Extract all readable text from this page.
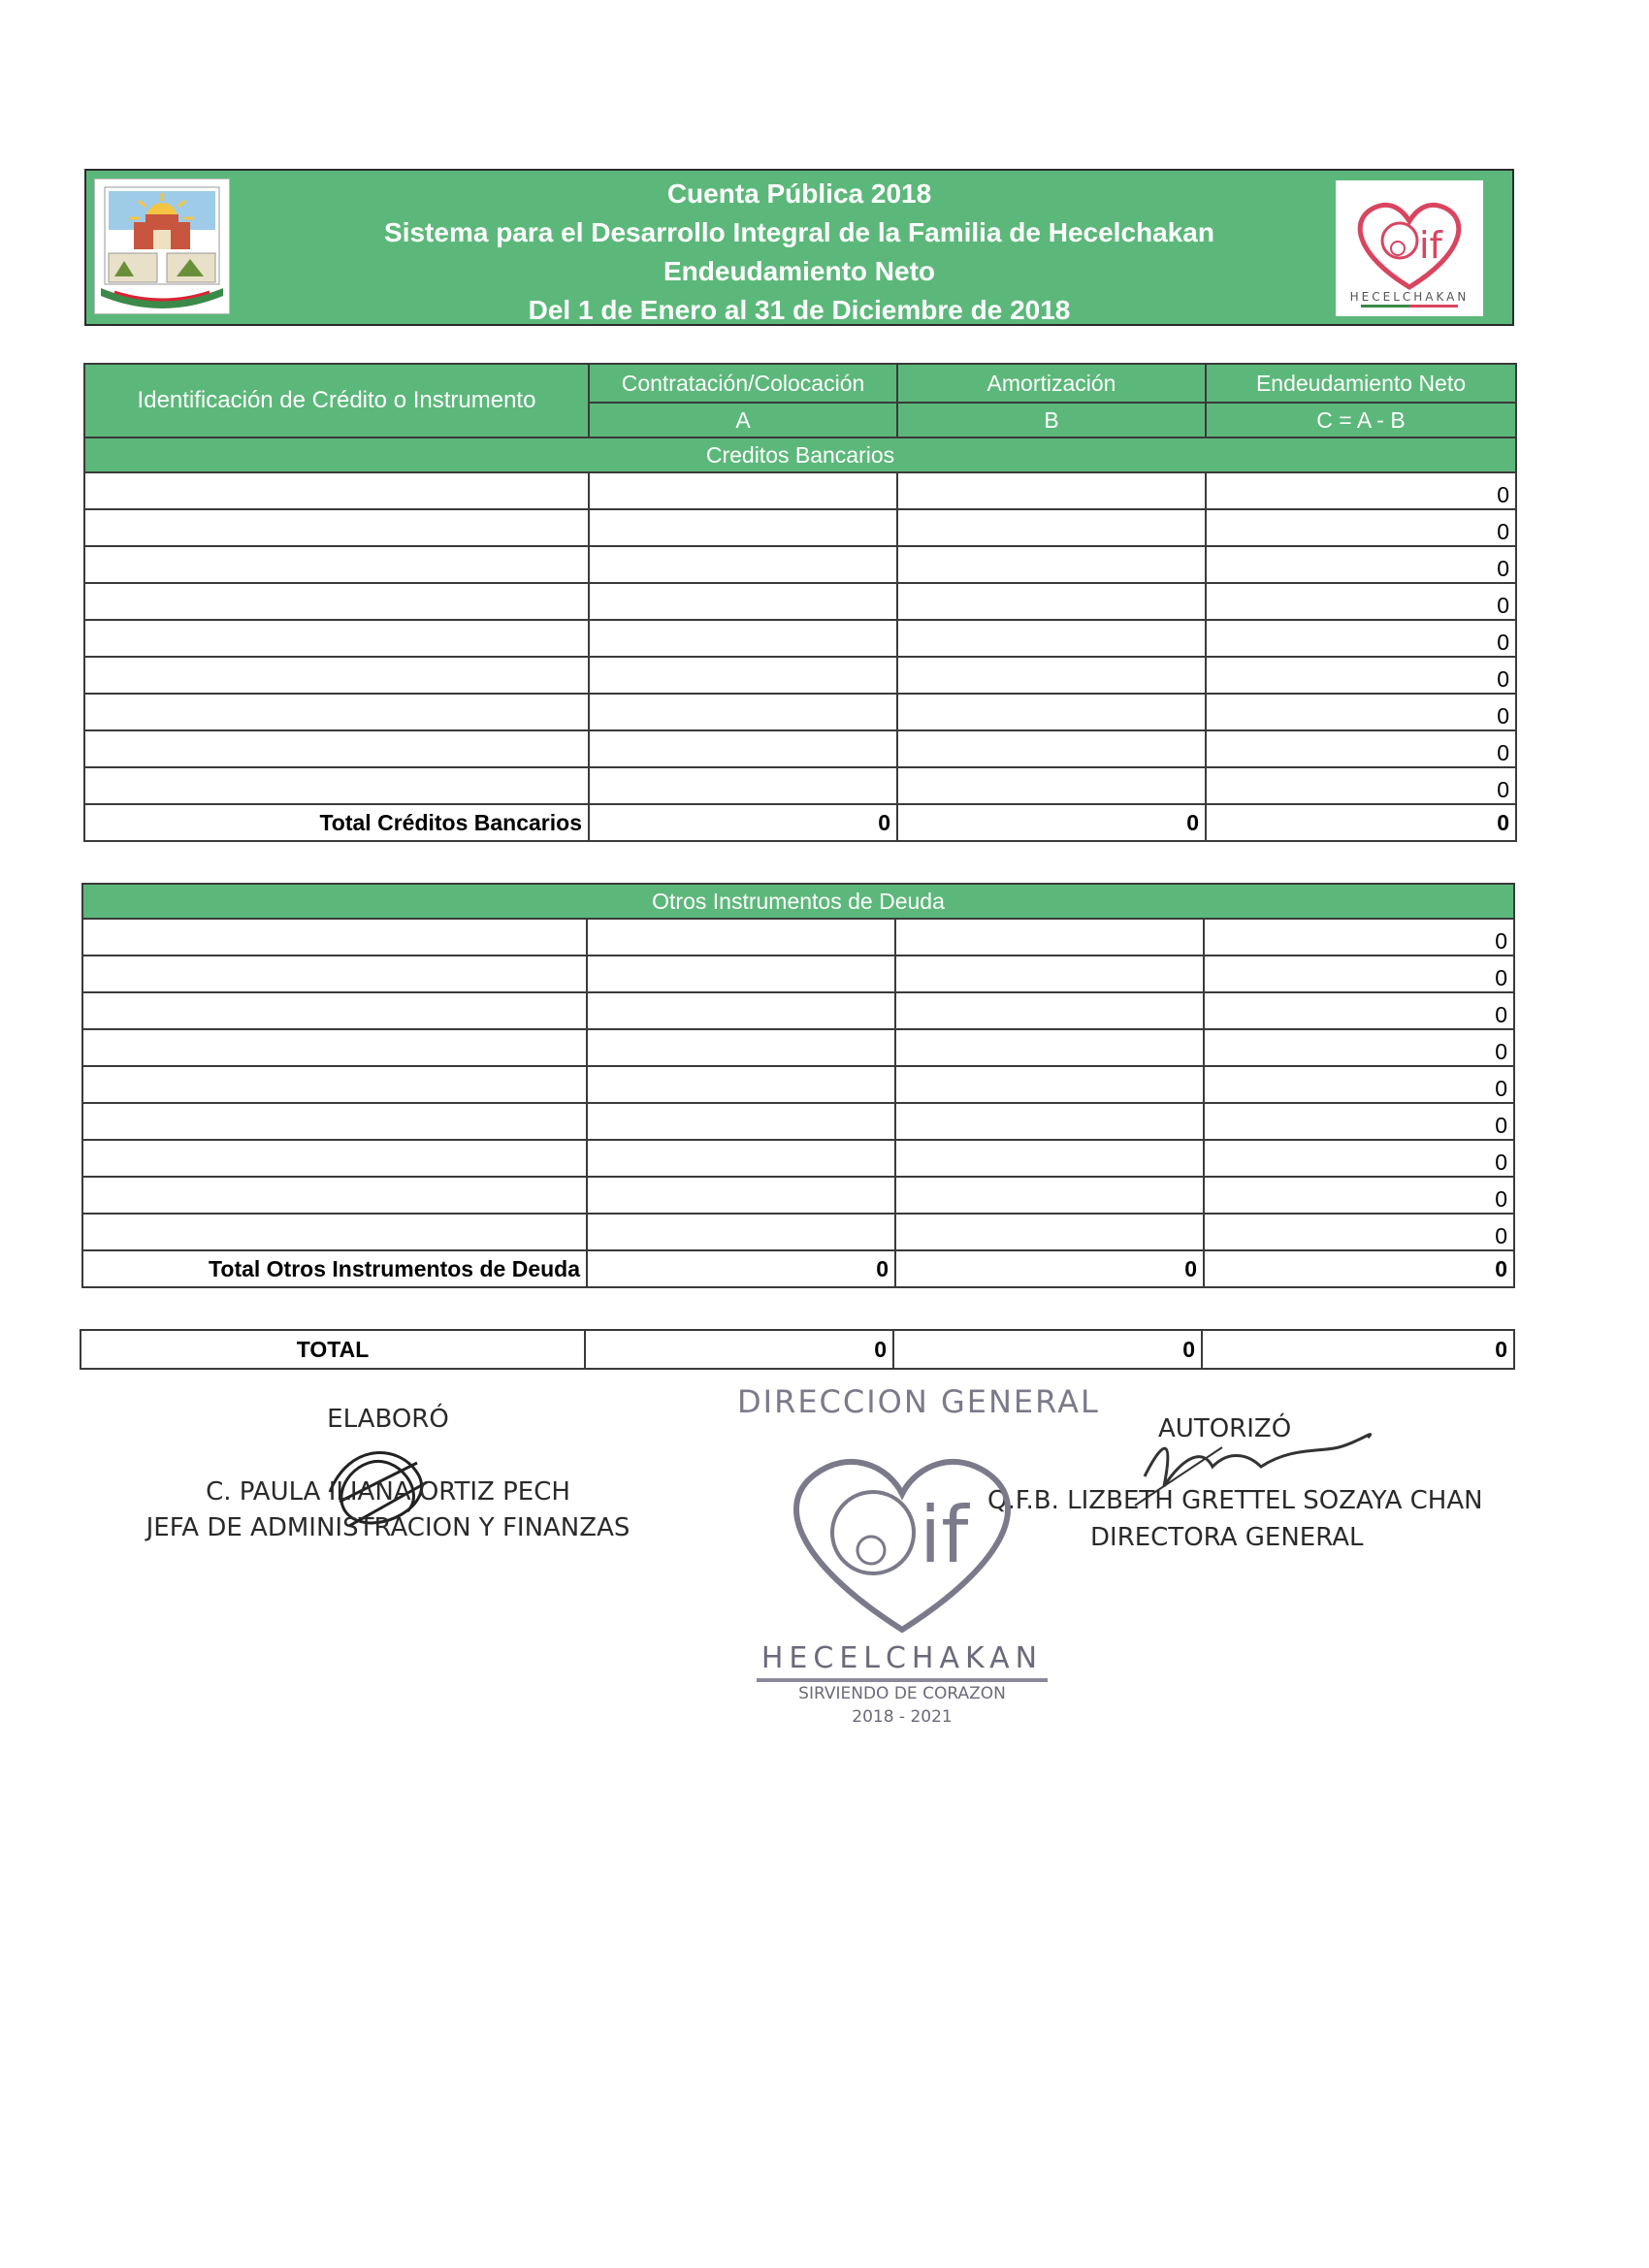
Cuenta Pública 2018
Sistema para el Desarrollo Integral de la Familia de Hecelchakan
Endeudamiento Neto
Del 1 de Enero al 31 de Diciembre de 2018
if
HECELCHAKAN
Identificación de Crédito o Instrumento	Contratación/Colocación	Amortización	Endeudamiento Neto
	A	B	C = A - B
Creditos Bancarios			
			0
			0
			0
			0
			0
			0
			0
			0
			0
Total Créditos Bancarios	0	0	0
Otros Instrumentos de Deuda			
			0
			0
			0
			0
			0
			0
			0
			0
			0
Total Otros Instrumentos de Deuda	0	0	0
TOTAL	0	0	0
ELABORÓ
C. PAULA ILIANA ORTIZ PECH
JEFA DE ADMINISTRACION Y FINANZAS
AUTORIZÓ
Q.F.B. LIZBETH GRETTEL SOZAYA CHAN
DIRECTORA GENERAL
DIRECCION GENERAL
if
HECELCHAKAN
SIRVIENDO DE CORAZON
2018 - 2021
